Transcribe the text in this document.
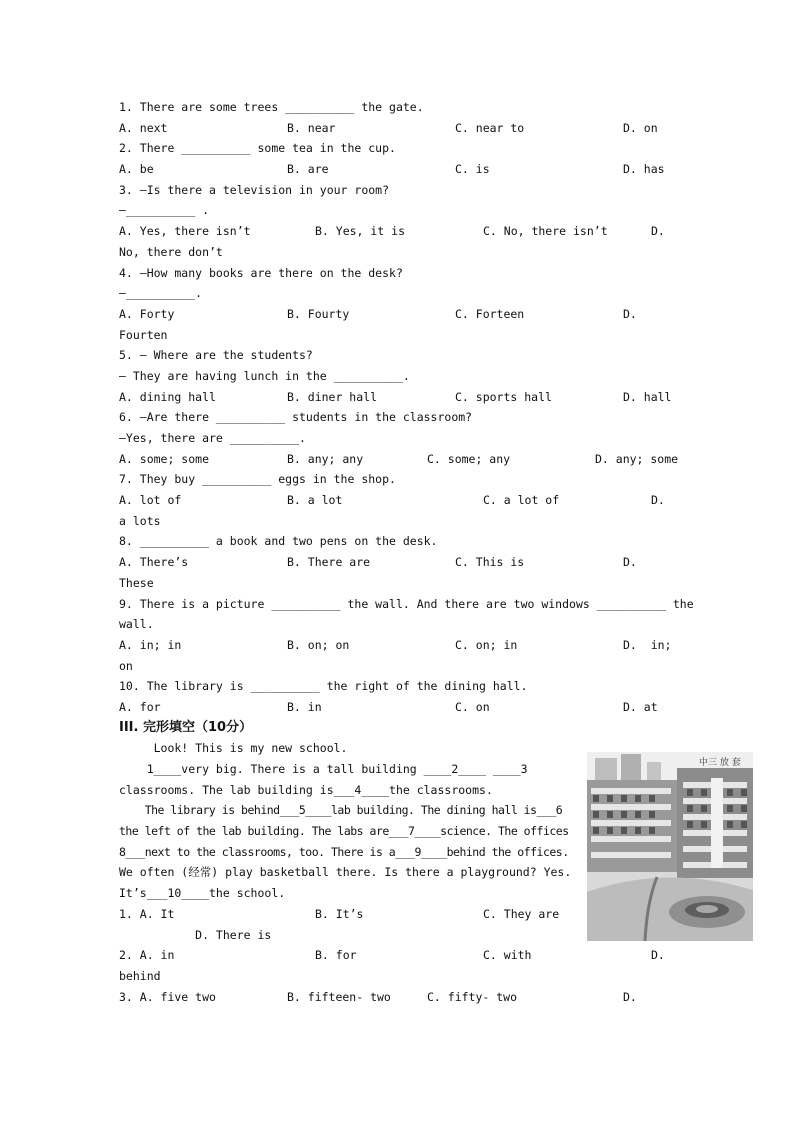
1. There are some trees __________ the gate.
A. next	B. near	C. near to	D. on
2. There __________ some tea in the cup.
A. be	B. are	C. is	D. has
3. —Is there a television in your room?
—__________ .
A. Yes, there isn’t	B. Yes, it is	C. No, there isn’t	D.
No, there don’t
4. —How many books are there on the desk?
—__________.
A. Forty	B. Fourty	C. Forteen	D.
Fourten
5. — Where are the students?
— They are having lunch in the __________.
A. dining hall	B. diner hall	C. sports hall	D. hall
6. —Are there __________ students in the classroom?
—Yes, there are __________.
A. some; some	B. any; any	C. some; any	D. any; some
7. They buy __________ eggs in the shop.
A. lot of	B. a lot	C. a lot of	D.
a lots
8. __________ a book and two pens on the desk.
A. There’s	B. There are	C. This is	D.
These
9. There is a picture __________ the wall. And there are two windows __________ the
wall.
A. in; in	B. on; on	C. on; in	D.  in;
on
10. The library is __________ the right of the dining hall.
A. for	B. in	C. on	D. at
III. 完形填空（10分）

Look! This is my new school.

1____very big. There is a tall building ____2____ ____3

classrooms. The lab building is___4____the classrooms.

The library is behind___5____lab building. The dining hall is___6

the left of the lab building. The labs are___7____science. The offices

8___next to the classrooms, too. There is a___9____behind the offices.

We often (经常) play basketball there. Is there a playground? Yes.

It’s___10____the school.

1. A. It	B. It’s	C. They are
D. There is
2. A. in	B. for	C. with	D.
behind
3. A. five two	B. fifteen- two	C. fifty- two	D.
中三 放 套
